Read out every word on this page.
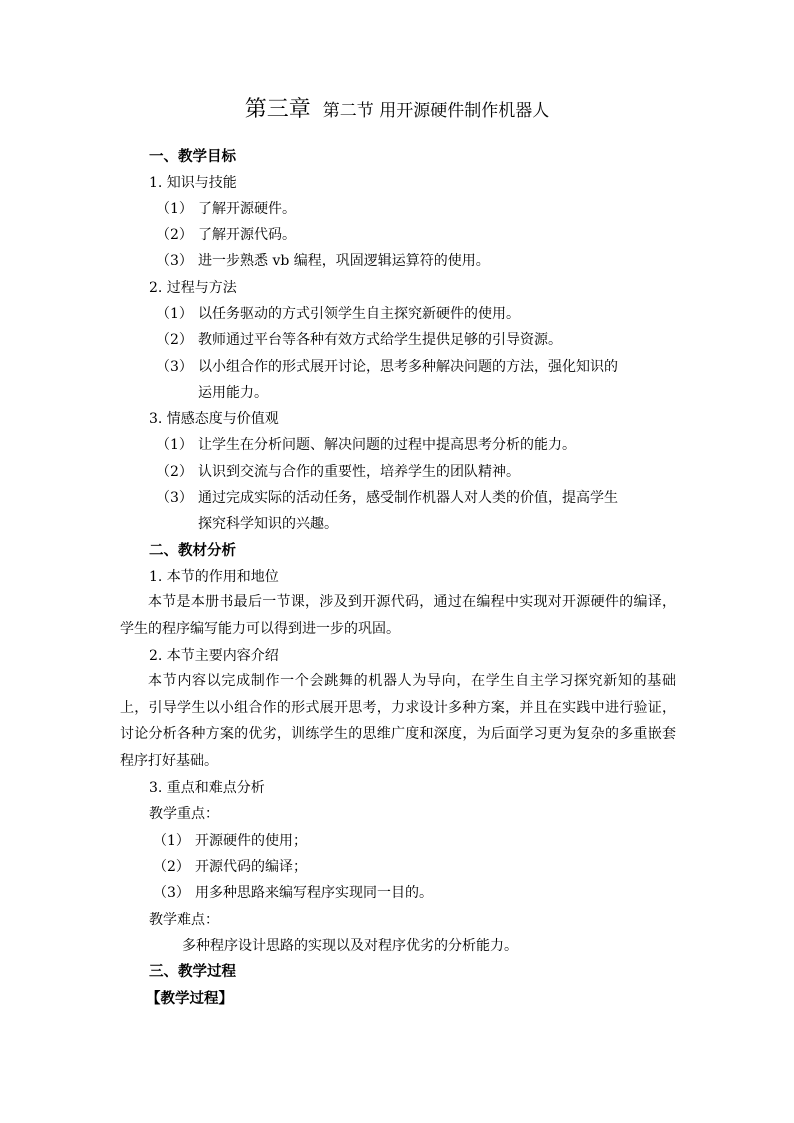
第三章 第二节 用开源硬件制作机器人
一、教学目标
1. 知识与技能
（1） 了解开源硬件。
（2） 了解开源代码。
（3） 进一步熟悉 vb 编程，巩固逻辑运算符的使用。
2. 过程与方法
（1） 以任务驱动的方式引领学生自主探究新硬件的使用。
（2） 教师通过平台等各种有效方式给学生提供足够的引导资源。
（3） 以小组合作的形式展开讨论，思考多种解决问题的方法，强化知识的
运用能力。
3. 情感态度与价值观
（1） 让学生在分析问题、解决问题的过程中提高思考分析的能力。
（2） 认识到交流与合作的重要性，培养学生的团队精神。
（3） 通过完成实际的活动任务，感受制作机器人对人类的价值，提高学生
探究科学知识的兴趣。
二、教材分析
1. 本节的作用和地位
本节是本册书最后一节课，涉及到开源代码，通过在编程中实现对开源硬件的编译，学生的程序编写能力可以得到进一步的巩固。
2. 本节主要内容介绍
本节内容以完成制作一个会跳舞的机器人为导向，在学生自主学习探究新知的基础上，引导学生以小组合作的形式展开思考，力求设计多种方案，并且在实践中进行验证，讨论分析各种方案的优劣，训练学生的思维广度和深度，为后面学习更为复杂的多重嵌套程序打好基础。
3. 重点和难点分析
教学重点：
（1） 开源硬件的使用；
（2） 开源代码的编译；
（3） 用多种思路来编写程序实现同一目的。
教学难点：
多种程序设计思路的实现以及对程序优劣的分析能力。
三、教学过程
【教学过程】
